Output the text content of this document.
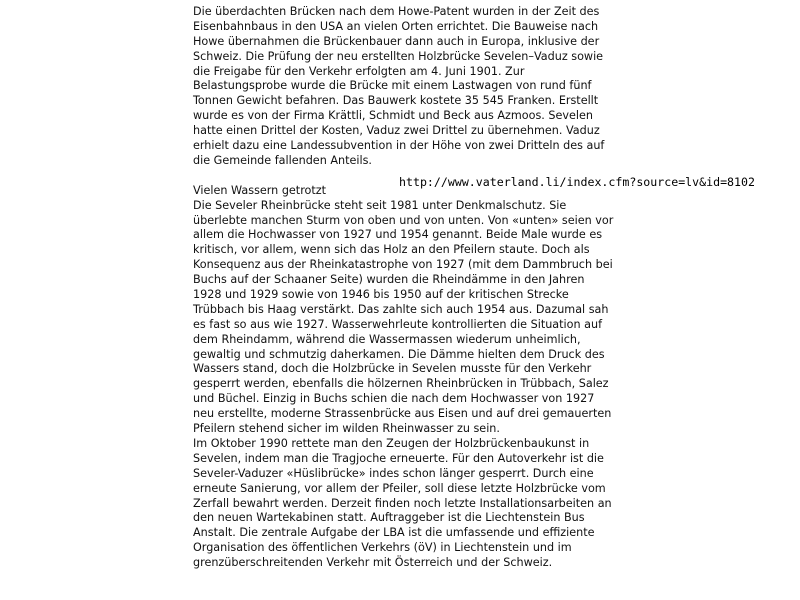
Die überdachten Brücken nach dem Howe-Patent wurden in der Zeit des
Eisenbahnbaus in den USA an vielen Orten errichtet. Die Bauweise nach
Howe übernahmen die Brückenbauer dann auch in Europa, inklusive der
Schweiz. Die Prüfung der neu erstellten Holzbrücke Sevelen–Vaduz sowie
die Freigabe für den Verkehr erfolgten am 4. Juni 1901. Zur
Belastungsprobe wurde die Brücke mit einem Lastwagen von rund fünf
Tonnen Gewicht befahren. Das Bauwerk kostete 35 545 Franken. Erstellt
wurde es von der Firma Krättli, Schmidt und Beck aus Azmoos. Sevelen
hatte einen Drittel der Kosten, Vaduz zwei Drittel zu übernehmen. Vaduz
erhielt dazu eine Landessubvention in der Höhe von zwei Dritteln des auf
die Gemeinde fallenden Anteils.
Vielen Wassern getrotzt
Die Seveler Rheinbrücke steht seit 1981 unter Denkmalschutz. Sie
überlebte manchen Sturm von oben und von unten. Von «unten» seien vor
allem die Hochwasser von 1927 und 1954 genannt. Beide Male wurde es
kritisch, vor allem, wenn sich das Holz an den Pfeilern staute. Doch als
Konsequenz aus der Rheinkatastrophe von 1927 (mit dem Dammbruch bei
Buchs auf der Schaaner Seite) wurden die Rheindämme in den Jahren
1928 und 1929 sowie von 1946 bis 1950 auf der kritischen Strecke
Trübbach bis Haag verstärkt. Das zahlte sich auch 1954 aus. Dazumal sah
es fast so aus wie 1927. Wasserwehrleute kontrollierten die Situation auf
dem Rheindamm, während die Wassermassen wiederum unheimlich,
gewaltig und schmutzig daherkamen. Die Dämme hielten dem Druck des
Wassers stand, doch die Holzbrücke in Sevelen musste für den Verkehr
gesperrt werden, ebenfalls die hölzernen Rheinbrücken in Trübbach, Salez
und Büchel. Einzig in Buchs schien die nach dem Hochwasser von 1927
neu erstellte, moderne Strassenbrücke aus Eisen und auf drei gemauerten
Pfeilern stehend sicher im wilden Rheinwasser zu sein.
Im Oktober 1990 rettete man den Zeugen der Holzbrückenbaukunst in
Sevelen, indem man die Tragjoche erneuerte. Für den Autoverkehr ist die
Seveler-Vaduzer «Hüslibrücke» indes schon länger gesperrt. Durch eine
erneute Sanierung, vor allem der Pfeiler, soll diese letzte Holzbrücke vom
Zerfall bewahrt werden. Derzeit finden noch letzte Installationsarbeiten an
den neuen Wartekabinen statt. Auftraggeber ist die Liechtenstein Bus
Anstalt. Die zentrale Aufgabe der LBA ist die umfassende und effiziente
Organisation des öffentlichen Verkehrs (öV) in Liechtenstein und im
grenzüberschreitenden Verkehr mit Österreich und der Schweiz.
http://www.vaterland.li/index.cfm?source=lv&id=8102
